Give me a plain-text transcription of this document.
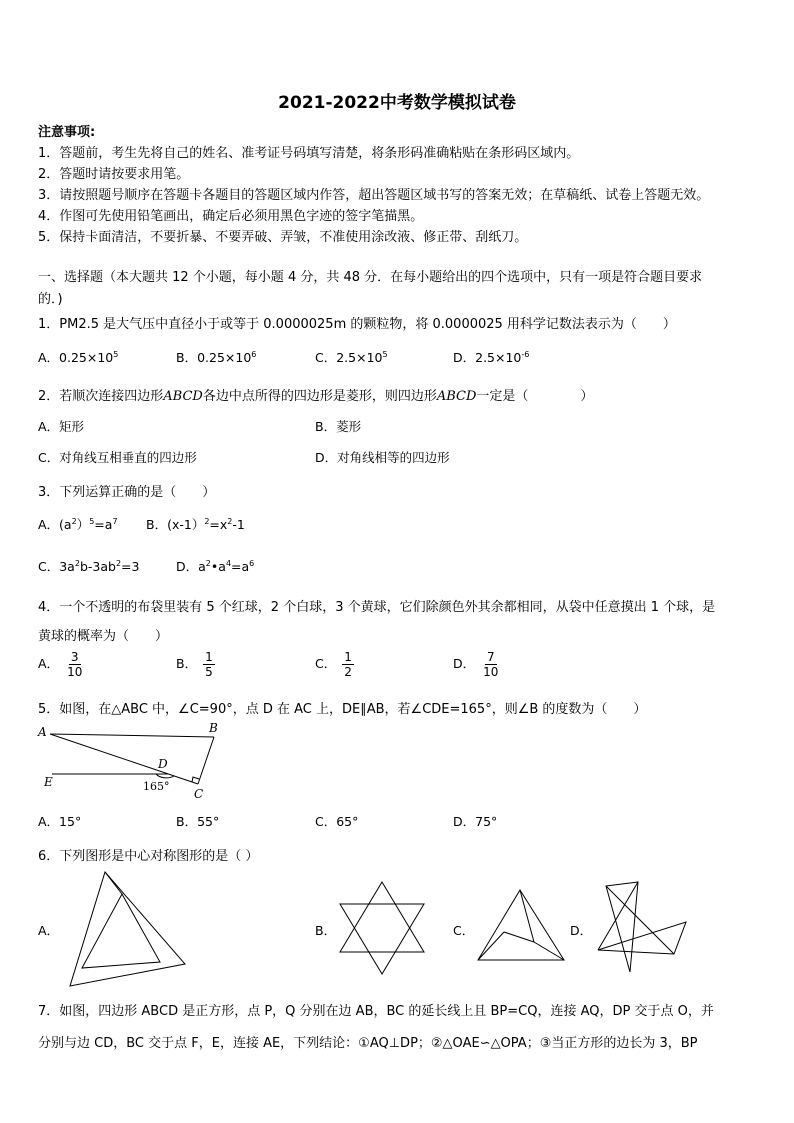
2021-2022中考数学模拟试卷
注意事项:
1．答题前，考生先将自己的姓名、准考证号码填写清楚，将条形码准确粘贴在条形码区域内。
2．答题时请按要求用笔。
3．请按照题号顺序在答题卡各题目的答题区域内作答，超出答题区域书写的答案无效；在草稿纸、试卷上答题无效。
4．作图可先使用铅笔画出，确定后必须用黑色字迹的签字笔描黑。
5．保持卡面清洁，不要折暴、不要弄破、弄皱，不准使用涂改液、修正带、刮纸刀。
一、选择题（本大题共 12 个小题，每小题 4 分，共 48 分．在每小题给出的四个选项中，只有一项是符合题目要求
的．)
1．PM2.5 是大气压中直径小于或等于 0.0000025m 的颗粒物，将 0.0000025 用科学记数法表示为（　　）
A．$0.25\times 10^5$	B．$0.25\times 10^6$	C．$2.5\times 10^5$	D．$2.5\times 10^{-6}$
2．若顺次连接四边形ABCD各边中点所得的四边形是菱形，则四边形ABCD一定是（　　　　）
A．矩形	B．菱形
C．对角线互相垂直的四边形	D．对角线相等的四边形
3．下列运算正确的是（　　）
A．$(a^2)^5=a^7$ B．$(x-1)^2=x^2-1$
C．$3a^2b-3ab^2=3$	D．$a^2•a^4=a^6$
4．一个不透明的布袋里装有 5 个红球，2 个白球，3 个黄球，它们除颜色外其余都相同，从袋中任意摸出 1 个球，是
黄球的概率为（　　）
A． $\frac{3}{10}$	B． $\frac{1}{5}$	C． $\frac{1}{2}$	D． $\frac{7}{10}$
5．如图，在△ABC 中，∠C=90°，点 D 在 AC 上，DE∥AB，若∠CDE=165°，则∠B 的度数为（　　）
A	B
C
D
E	165°
A．15°	B．55°	C．65°	D．75°
6．下列图形是中心对称图形的是（ ）
A．	B．	C．	D．
7．如图，四边形 ABCD 是正方形，点 P，Q 分别在边 AB，BC 的延长线上且 BP=CQ，连接 AQ，DP 交于点 O，并
分别与边 CD，BC 交于点 F，E，连接 AE，下列结论：①AQ⊥DP；②△OAE∽△OPA；③当正方形的边长为 3，BP
